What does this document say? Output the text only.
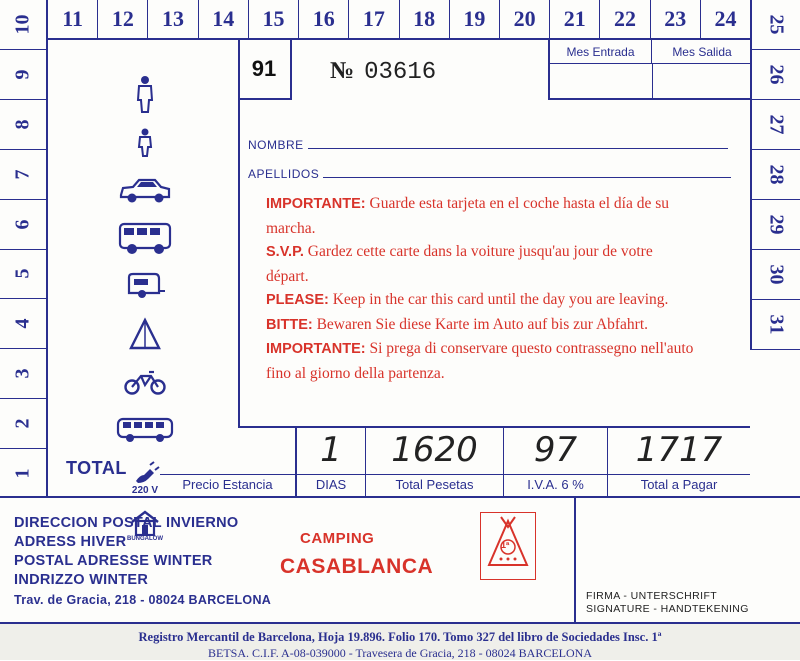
11 12 13 14 15 16 17 18 19 20 21 22 23 24
10
9
8
7
6
5
4
3
2
1
25
26
27
28
29
30
31
220 V
BUNGALOW
91	№ 03616
Mes Entrada	Mes Salida
NOMBRE
APELLIDOS
IMPORTANTE: Guarde esta tarjeta en el coche hasta el día de su marcha.
S.V.P. Gardez cette carte dans la voiture jusqu'au jour de votre départ.
PLEASE: Keep in the car this card until the day you are leaving.
BITTE: Bewaren Sie diese Karte im Auto auf bis zur Abfahrt.
IMPORTANTE: Si prega di conservare questo contrassegno nell'auto fino al giorno della partenza.
Precio Estancia
1
DIAS
1620
Total Pesetas
97
I.V.A. 6 %
1717
Total a Pagar
TOTAL
DIRECCION POSTAL INVIERNO
ADRESS HIVER
POSTAL ADRESSE WINTER
INDRIZZO WINTER
Trav. de Gracia, 218 - 08024 BARCELONA
CAMPING
CASABLANCA
1ª
FIRMA - UNTERSCHRIFT
SIGNATURE - HANDTEKENING
Registro Mercantil de Barcelona, Hoja 19.896. Folio 170. Tomo 327 del libro de Sociedades Insc. 1ª
BETSA. C.I.F. A-08-039000 - Travesera de Gracia, 218 - 08024 BARCELONA
